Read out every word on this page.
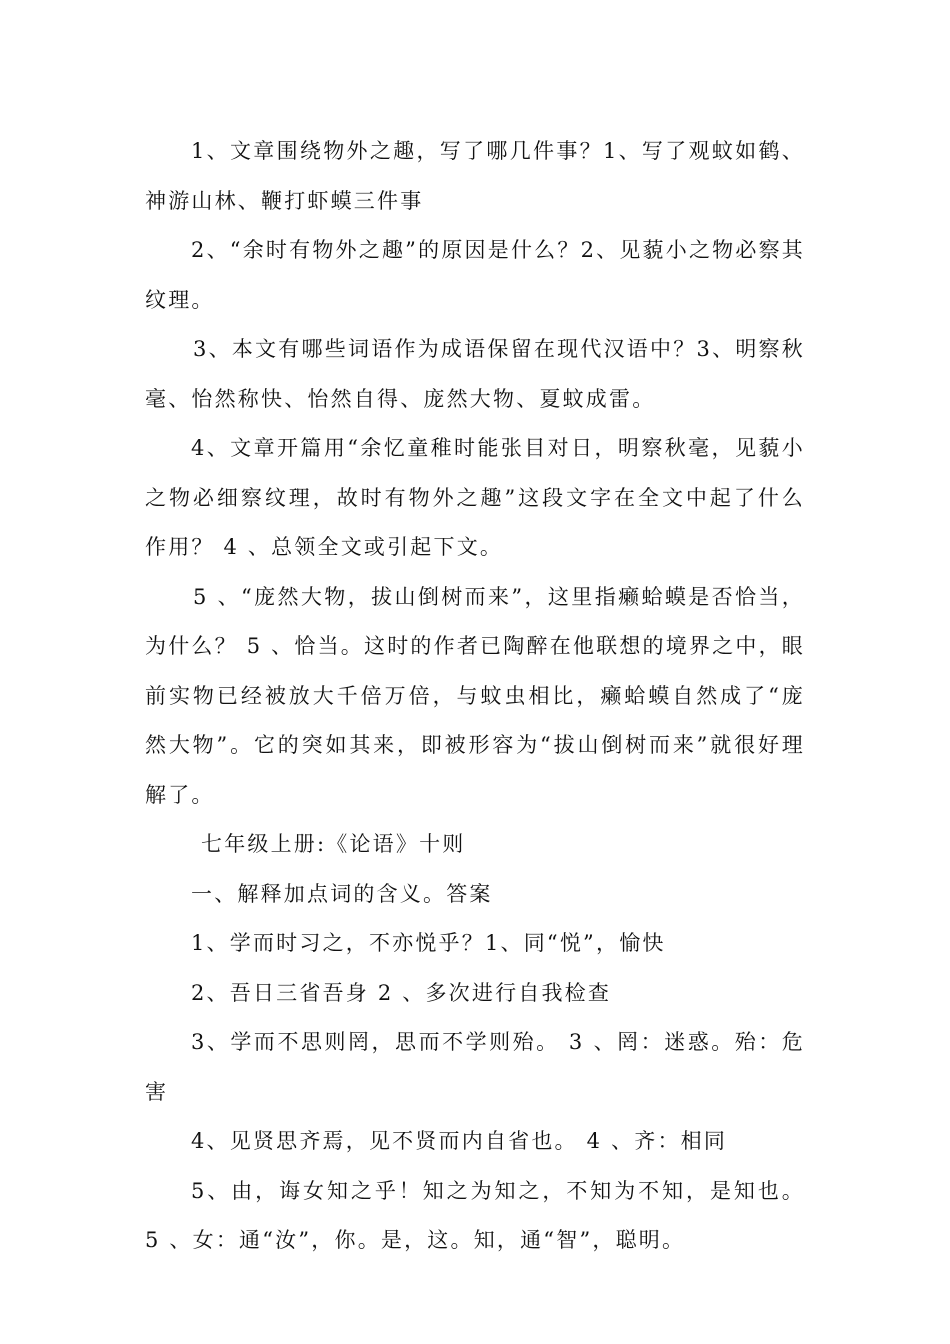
1、文章围绕物外之趣，写了哪几件事？1、写了观蚊如鹤、神游山林、鞭打虾蟆三件事

2、“余时有物外之趣”的原因是什么？2、见藐小之物必察其纹理。

3、本文有哪些词语作为成语保留在现代汉语中？3、明察秋毫、怡然称快、怡然自得、庞然大物、夏蚊成雷。

4、文章开篇用“余忆童稚时能张目对日，明察秋毫，见藐小之物必细察纹理，故时有物外之趣”这段文字在全文中起了什么作用？ 4 、总领全文或引起下文。

5 、“庞然大物，拔山倒树而来”，这里指癞蛤蟆是否恰当，为什么？ 5 、恰当。这时的作者已陶醉在他联想的境界之中，眼前实物已经被放大千倍万倍，与蚊虫相比，癞蛤蟆自然成了“庞然大物”。它的突如其来，即被形容为“拔山倒树而来”就很好理解了。

七年级上册:《论语》十则

一、解释加点词的含义。答案

1、学而时习之，不亦悦乎？1、同“悦”，愉快

2、吾日三省吾身 2 、多次进行自我检查

3、学而不思则罔，思而不学则殆。 3 、罔：迷惑。殆：危害

4、见贤思齐焉，见不贤而内自省也。 4 、齐：相同

5、由，诲女知之乎！知之为知之，不知为不知，是知也。 5 、女：通“汝”，你。是，这。知，通“智”，聪明。
